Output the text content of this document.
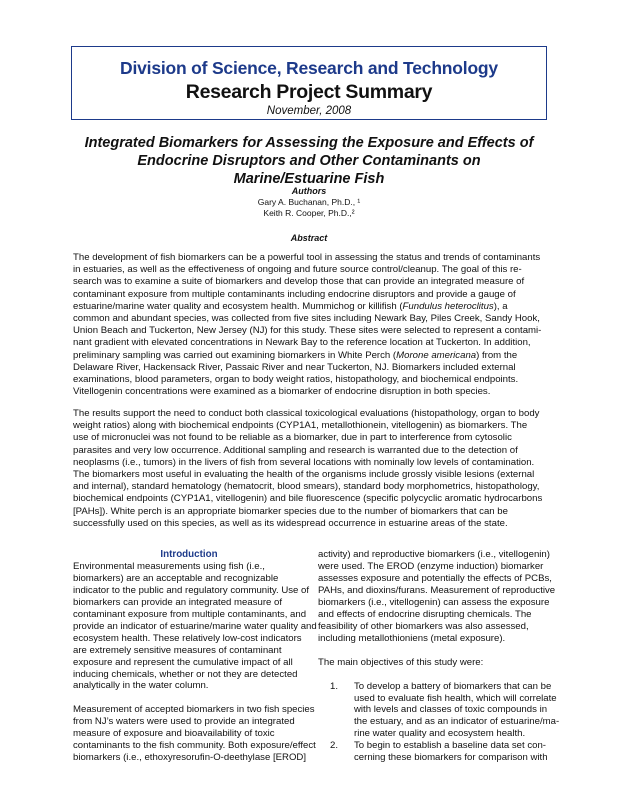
Division of Science, Research and Technology
Research Project Summary
November, 2008
Integrated Biomarkers for Assessing the Exposure and Effects of
Endocrine Disruptors and Other Contaminants on
Marine/Estuarine Fish
Authors
Gary A. Buchanan, Ph.D., ¹
Keith R. Cooper, Ph.D.,²
Abstract
The development of fish biomarkers can be a powerful tool in assessing the status and trends of contaminants
in estuaries, as well as the effectiveness of ongoing and future source control/cleanup. The goal of this re-
search was to examine a suite of biomarkers and develop those that can provide an integrated measure of
contaminant exposure from multiple contaminants including endocrine disruptors and provide a gauge of
estuarine/marine water quality and ecosystem health. Mummichog or killifish (Fundulus heteroclitus), a
common and abundant species, was collected from five sites including Newark Bay, Piles Creek, Sandy Hook,
Union Beach and Tuckerton, New Jersey (NJ) for this study. These sites were selected to represent a contami-
nant gradient with elevated concentrations in Newark Bay to the reference location at Tuckerton. In addition,
preliminary sampling was carried out examining biomarkers in White Perch (Morone americana) from the
Delaware River, Hackensack River, Passaic River and near Tuckerton, NJ. Biomarkers included external
examinations, blood parameters, organ to body weight ratios, histopathology, and biochemical endpoints.
Vitellogenin concentrations were examined as a biomarker of endocrine disruption in both species.
The results support the need to conduct both classical toxicological evaluations (histopathology, organ to body
weight ratios) along with biochemical endpoints (CYP1A1, metallothionein, vitellogenin) as biomarkers. The
use of micronuclei was not found to be reliable as a biomarker, due in part to interference from cytosolic
parasites and very low occurrence. Additional sampling and research is warranted due to the detection of
neoplasms (i.e., tumors) in the livers of fish from several locations with nominally low levels of contamination.
The biomarkers most useful in evaluating the health of the organisms include grossly visible lesions (external
and internal), standard hematology (hematocrit, blood smears), standard body morphometrics, histopathology,
biochemical endpoints (CYP1A1, vitellogenin) and bile fluorescence (specific polycyclic aromatic hydrocarbons
[PAHs]). White perch is an appropriate biomarker species due to the number of biomarkers that can be
successfully used on this species, as well as its widespread occurrence in estuarine areas of the state.
Introduction
Environmental measurements using fish (i.e.,
biomarkers) are an acceptable and recognizable
indicator to the public and regulatory community. Use of
biomarkers can provide an integrated measure of
contaminant exposure from multiple contaminants, and
provide an indicator of estuarine/marine water quality and
ecosystem health. These relatively low-cost indicators
are extremely sensitive measures of contaminant
exposure and represent the cumulative impact of all
inducing chemicals, whether or not they are detected
analytically in the water column.
Measurement of accepted biomarkers in two fish species
from NJ’s waters were used to provide an integrated
measure of exposure and bioavailability of toxic
contaminants to the fish community. Both exposure/effect
biomarkers (i.e., ethoxyresorufin-O-deethylase [EROD]
activity) and reproductive biomarkers (i.e., vitellogenin)
were used. The EROD (enzyme induction) biomarker
assesses exposure and potentially the effects of PCBs,
PAHs, and dioxins/furans. Measurement of reproductive
biomarkers (i.e., vitellogenin) can assess the exposure
and effects of endocrine disrupting chemicals. The
feasibility of other biomarkers was also assessed,
including metallothioniens (metal exposure).
The main objectives of this study were:
1.	To develop a battery of biomarkers that can be
used to evaluate fish health, which will correlate
with levels and classes of toxic compounds in
the estuary, and as an indicator of estuarine/ma-
rine water quality and ecosystem health.
2.	To begin to establish a baseline data set con-
cerning these biomarkers for comparison with
